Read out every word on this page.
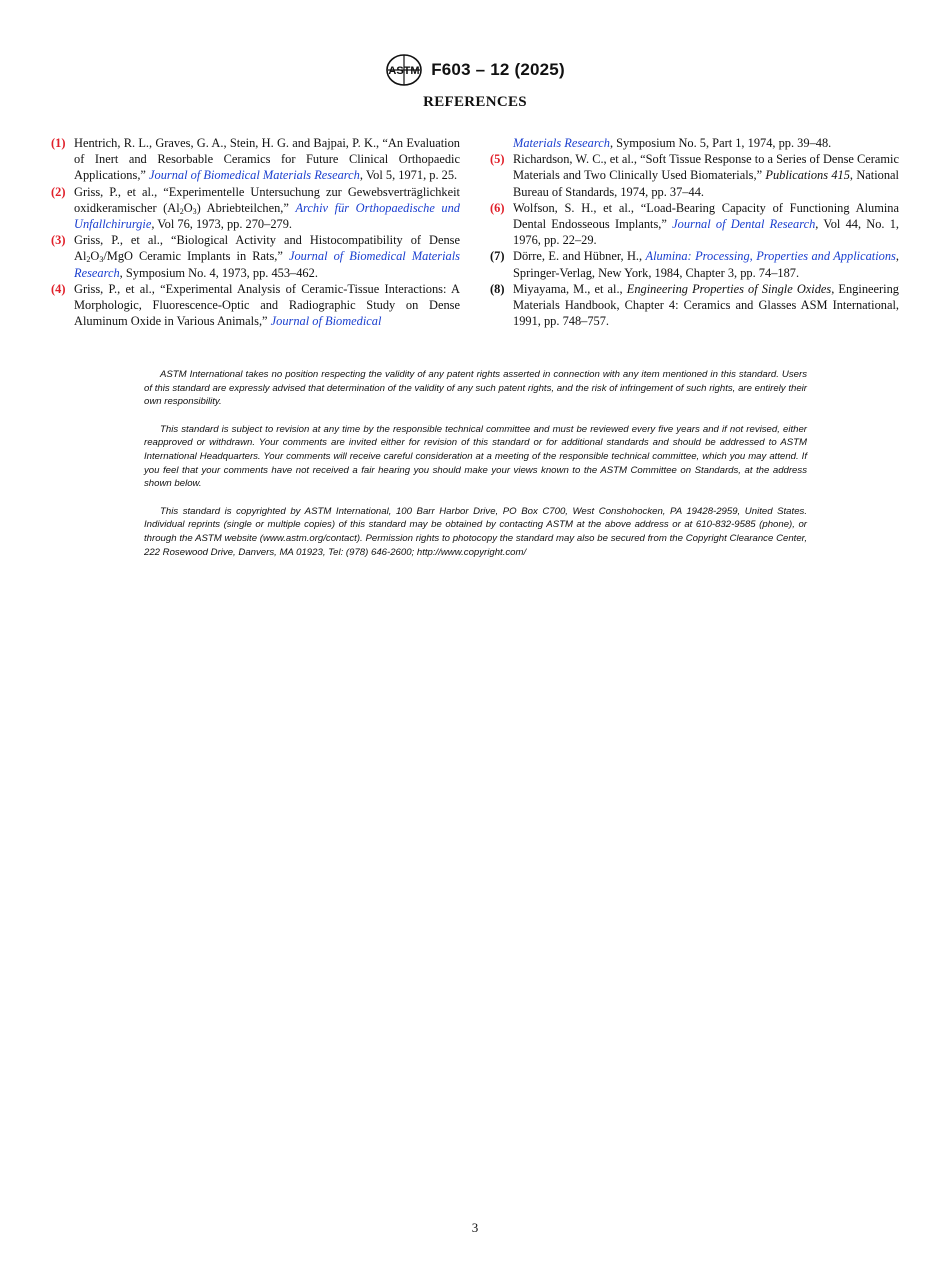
ASTM F603 – 12 (2025)
REFERENCES

(1) Hentrich, R. L., Graves, G. A., Stein, H. G. and Bajpai, P. K., “An Evaluation of Inert and Resorbable Ceramics for Future Clinical Orthopaedic Applications,” Journal of Biomedical Materials Research, Vol 5, 1971, p. 25.

(2) Griss, P., et al., “Experimentelle Untersuchung zur Gewebsverträglichkeit oxidkeramischer $(Al_2O_3)$ Abriebteilchen,” Archiv für Orthopaedische und Unfallchirurgie, Vol 76, 1973, pp. 270–279.

(3) Griss, P., et al., “Biological Activity and Histocompatibility of Dense $Al_2O_3$/MgO Ceramic Implants in Rats,” Journal of Biomedical Materials Research, Symposium No. 4, 1973, pp. 453–462.

(4) Griss, P., et al., “Experimental Analysis of Ceramic-Tissue Interactions: A Morphologic, Fluorescence-Optic and Radiographic Study on Dense Aluminum Oxide in Various Animals,” Journal of Biomedical

Materials Research, Symposium No. 5, Part 1, 1974, pp. 39–48.

(5) Richardson, W. C., et al., “Soft Tissue Response to a Series of Dense Ceramic Materials and Two Clinically Used Biomaterials,” Publications 415, National Bureau of Standards, 1974, pp. 37–44.

(6) Wolfson, S. H., et al., “Load-Bearing Capacity of Functioning Alumina Dental Endosseous Implants,” Journal of Dental Research, Vol 44, No. 1, 1976, pp. 22–29.

(7) Dörre, E. and Hübner, H., Alumina: Processing, Properties and Applications, Springer-Verlag, New York, 1984, Chapter 3, pp. 74–187.

(8) Miyayama, M., et al., Engineering Properties of Single Oxides, Engineering Materials Handbook, Chapter 4: Ceramics and Glasses ASM International, 1991, pp. 748–757.

ASTM International takes no position respecting the validity of any patent rights asserted in connection with any item mentioned in this standard. Users of this standard are expressly advised that determination of the validity of any such patent rights, and the risk of infringement of such rights, are entirely their own responsibility.

This standard is subject to revision at any time by the responsible technical committee and must be reviewed every five years and if not revised, either reapproved or withdrawn. Your comments are invited either for revision of this standard or for additional standards and should be addressed to ASTM International Headquarters. Your comments will receive careful consideration at a meeting of the responsible technical committee, which you may attend. If you feel that your comments have not received a fair hearing you should make your views known to the ASTM Committee on Standards, at the address shown below.

This standard is copyrighted by ASTM International, 100 Barr Harbor Drive, PO Box C700, West Conshohocken, PA 19428-2959, United States. Individual reprints (single or multiple copies) of this standard may be obtained by contacting ASTM at the above address or at 610-832-9585 (phone), or through the ASTM website (www.astm.org/contact). Permission rights to photocopy the standard may also be secured from the Copyright Clearance Center, 222 Rosewood Drive, Danvers, MA 01923, Tel: (978) 646-2600; http://www.copyright.com/

3
